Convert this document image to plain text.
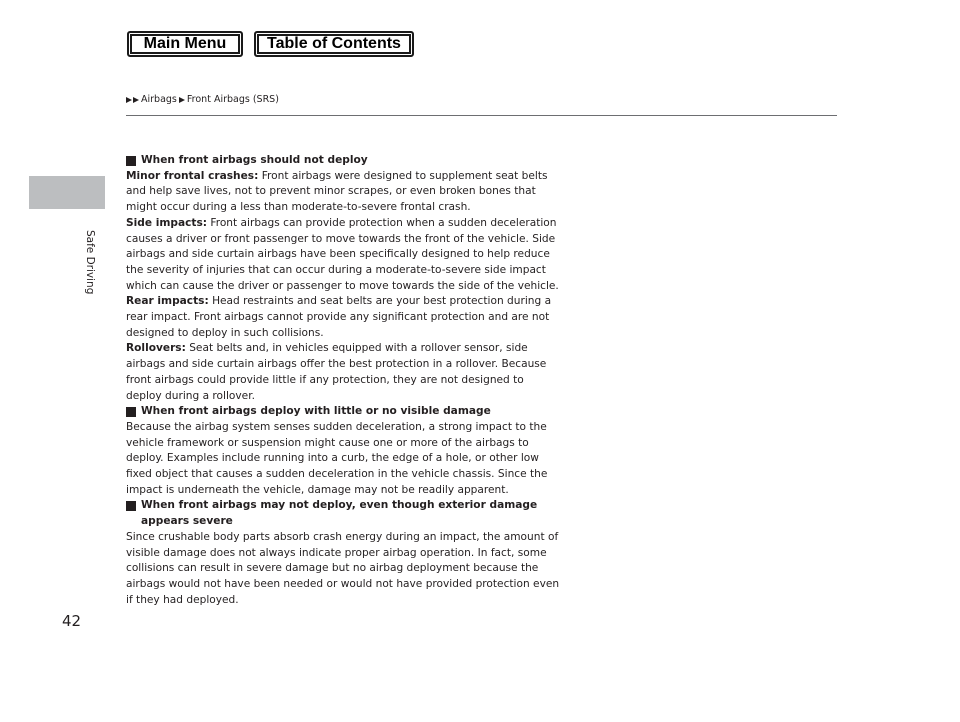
Main Menu	Table of Contents
Airbags Front Airbags (SRS)
Safe Driving
42

When front airbags should not deploy

Minor frontal crashes: Front airbags were designed to supplement seat belts and help save lives, not to prevent minor scrapes, or even broken bones that might occur during a less than moderate-to-severe frontal crash.

Side impacts: Front airbags can provide protection when a sudden deceleration causes a driver or front passenger to move towards the front of the vehicle. Side airbags and side curtain airbags have been specifically designed to help reduce the severity of injuries that can occur during a moderate-to-severe side impact which can cause the driver or passenger to move towards the side of the vehicle.

Rear impacts: Head restraints and seat belts are your best protection during a rear impact. Front airbags cannot provide any significant protection and are not designed to deploy in such collisions.

Rollovers: Seat belts and, in vehicles equipped with a rollover sensor, side airbags and side curtain airbags offer the best protection in a rollover. Because front airbags could provide little if any protection, they are not designed to deploy during a rollover.

When front airbags deploy with little or no visible damage

Because the airbag system senses sudden deceleration, a strong impact to the vehicle framework or suspension might cause one or more of the airbags to deploy. Examples include running into a curb, the edge of a hole, or other low fixed object that causes a sudden deceleration in the vehicle chassis. Since the impact is underneath the vehicle, damage may not be readily apparent.

When front airbags may not deploy, even though exterior damage appears severe

Since crushable body parts absorb crash energy during an impact, the amount of visible damage does not always indicate proper airbag operation. In fact, some collisions can result in severe damage but no airbag deployment because the airbags would not have been needed or would not have provided protection even if they had deployed.
